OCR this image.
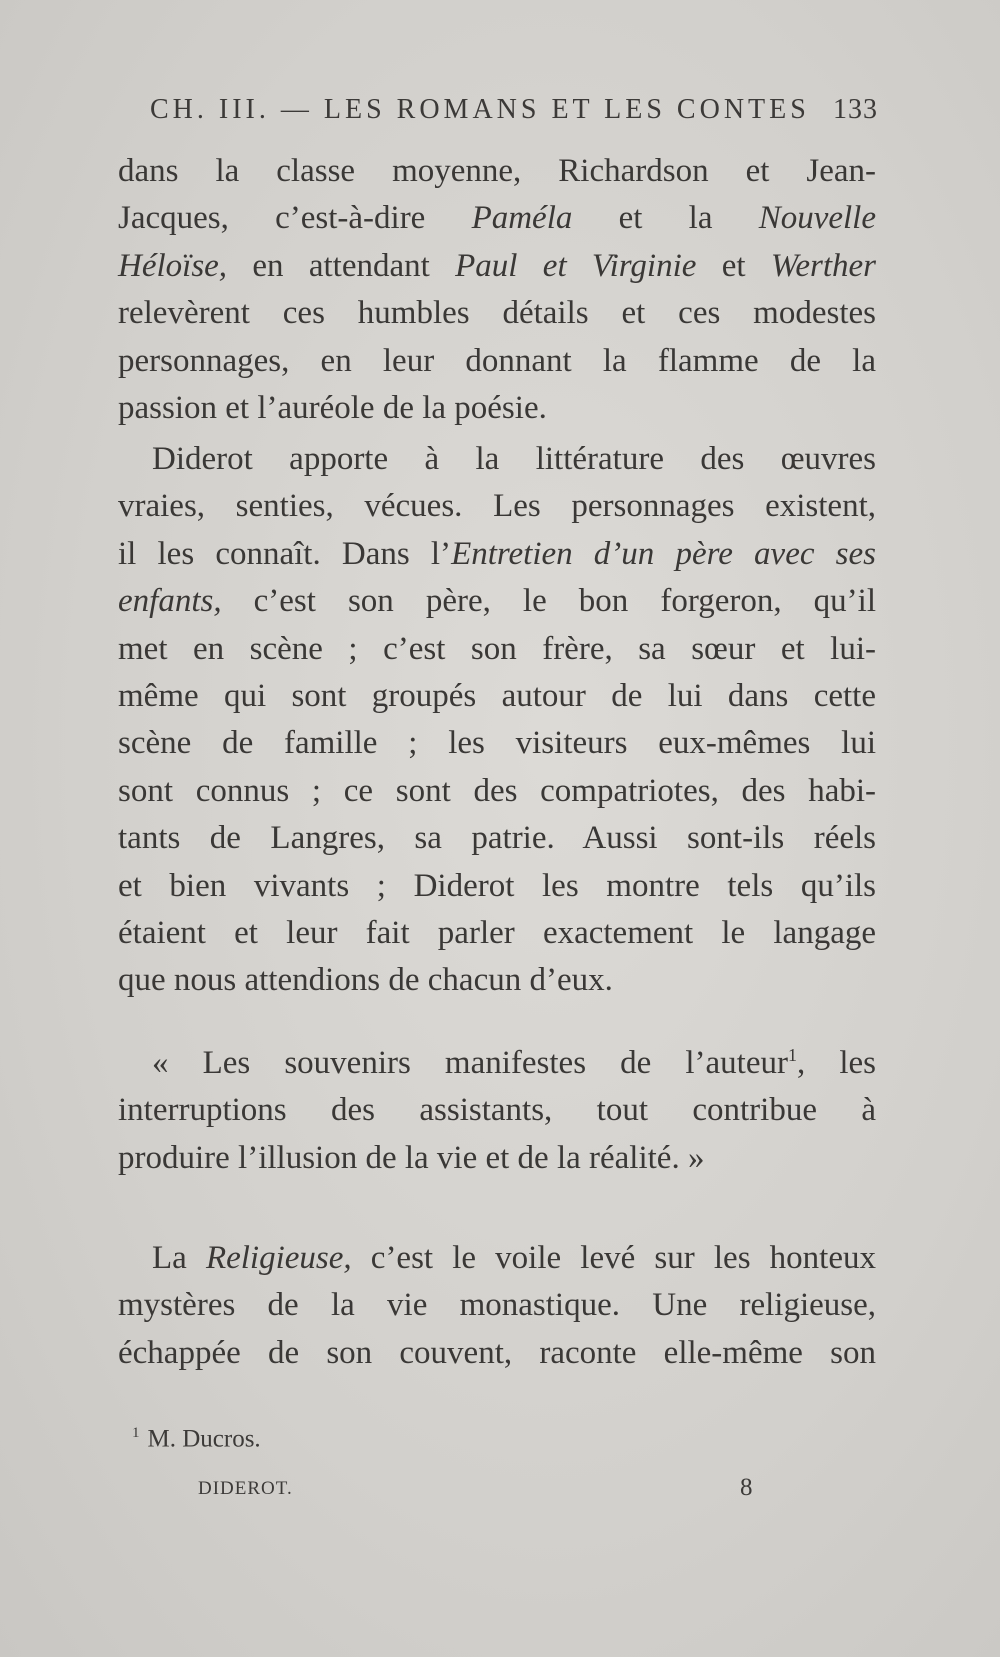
CH. III. — LES ROMANS ET LES CONTES 133
dans la classe moyenne, Richardson et Jean-
Jacques, c’est-à-dire Paméla et la Nouvelle
Héloïse, en attendant Paul et Virginie et Werther
relevèrent ces humbles détails et ces modestes
personnages, en leur donnant la flamme de la
passion et l’auréole de la poésie.
Diderot apporte à la littérature des œuvres
vraies, senties, vécues. Les personnages existent,
il les connaît. Dans l’Entretien d’un père avec ses
enfants, c’est son père, le bon forgeron, qu’il
met en scène ; c’est son frère, sa sœur et lui-
même qui sont groupés autour de lui dans cette
scène de famille ; les visiteurs eux-mêmes lui
sont connus ; ce sont des compatriotes, des habi-
tants de Langres, sa patrie. Aussi sont-ils réels
et bien vivants ; Diderot les montre tels qu’ils
étaient et leur fait parler exactement le langage
que nous attendions de chacun d’eux.
« Les souvenirs manifestes de l’auteur$^1$, les
interruptions des assistants, tout contribue à
produire l’illusion de la vie et de la réalité. »
La Religieuse, c’est le voile levé sur les honteux
mystères de la vie monastique. Une religieuse,
échappée de son couvent, raconte elle-même son
$^1$ M. Ducros.
DIDEROT.	8
